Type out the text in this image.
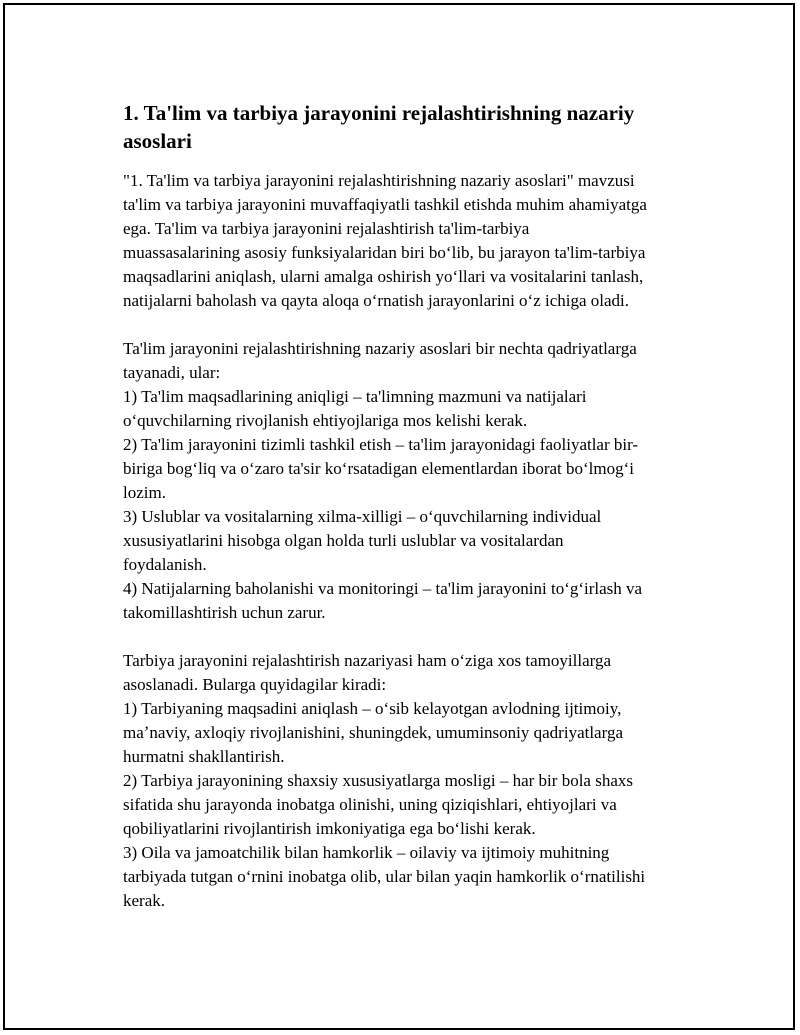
1. Ta'lim va tarbiya jarayonini rejalashtirishning nazariy
asoslari

"1. Ta'lim va tarbiya jarayonini rejalashtirishning nazariy asoslari" mavzusi
ta'lim va tarbiya jarayonini muvaffaqiyatli tashkil etishda muhim ahamiyatga
ega. Ta'lim va tarbiya jarayonini rejalashtirish ta'lim-tarbiya
muassasalarining asosiy funksiyalaridan biri boʻlib, bu jarayon ta'lim-tarbiya
maqsadlarini aniqlash, ularni amalga oshirish yoʻllari va vositalarini tanlash,
natijalarni baholash va qayta aloqa oʻrnatish jarayonlarini oʻz ichiga oladi.

Ta'lim jarayonini rejalashtirishning nazariy asoslari bir nechta qadriyatlarga
tayanadi, ular:
1) Ta'lim maqsadlarining aniqligi – ta'limning mazmuni va natijalari
oʻquvchilarning rivojlanish ehtiyojlariga mos kelishi kerak.
2) Ta'lim jarayonini tizimli tashkil etish – ta'lim jarayonidagi faoliyatlar bir-
biriga bogʻliq va oʻzaro ta'sir koʻrsatadigan elementlardan iborat boʻlmogʻi
lozim.
3) Uslublar va vositalarning xilma-xilligi – oʻquvchilarning individual
xususiyatlarini hisobga olgan holda turli uslublar va vositalardan
foydalanish.
4) Natijalarning baholanishi va monitoringi – ta'lim jarayonini toʻgʻirlash va
takomillashtirish uchun zarur.

Tarbiya jarayonini rejalashtirish nazariyasi ham oʻziga xos tamoyillarga
asoslanadi. Bularga quyidagilar kiradi:
1) Tarbiyaning maqsadini aniqlash – oʻsib kelayotgan avlodning ijtimoiy,
maʼnaviy, axloqiy rivojlanishini, shuningdek, umuminsoniy qadriyatlarga
hurmatni shakllantirish.
2) Tarbiya jarayonining shaxsiy xususiyatlarga mosligi – har bir bola shaxs
sifatida shu jarayonda inobatga olinishi, uning qiziqishlari, ehtiyojlari va
qobiliyatlarini rivojlantirish imkoniyatiga ega boʻlishi kerak.
3) Oila va jamoatchilik bilan hamkorlik – oilaviy va ijtimoiy muhitning
tarbiyada tutgan oʻrnini inobatga olib, ular bilan yaqin hamkorlik oʻrnatilishi
kerak.
